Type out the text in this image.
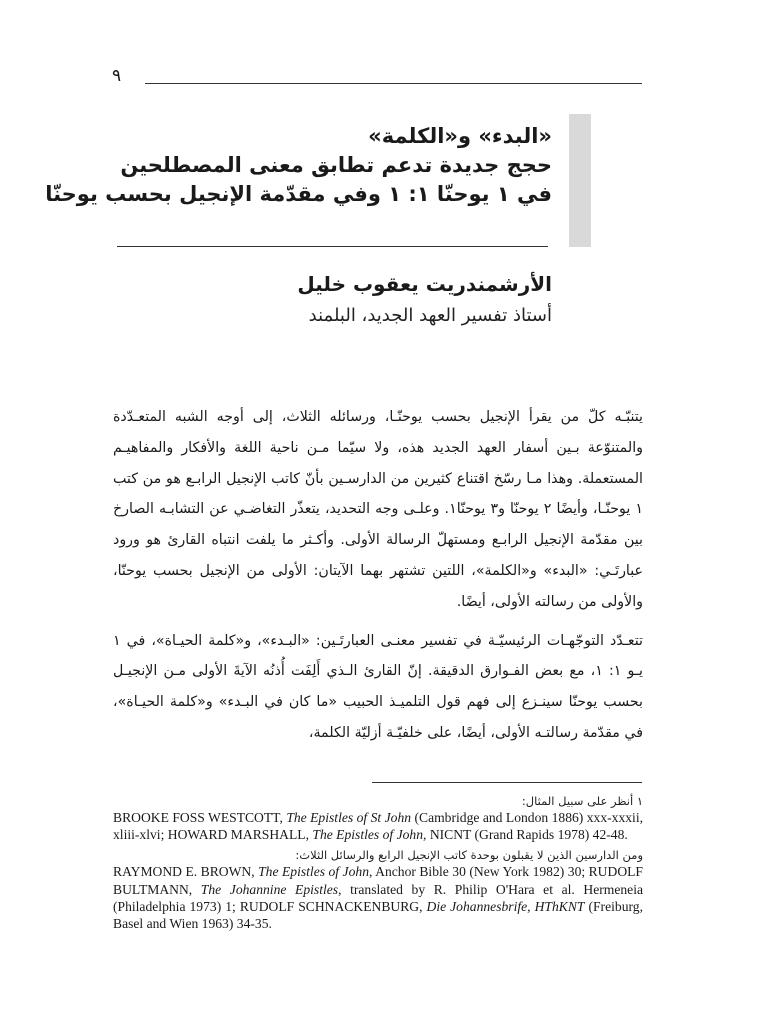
٩
«البدء» و«الكلمة»
حجج جديدة تدعم تطابق معنى المصطلحين
في ١ يوحنّا ١: ١ وفي مقدّمة الإنجيل بحسب يوحنّا
الأرشمندريت يعقوب خليل
أستاذ تفسير العهد الجديد، البلمند

يتنبّـه كلّ من يقرأ الإنجيل بحسب يوحنّـا، ورسائله الثلاث، إلى أوجه الشبه المتعـدّدة والمتنوّعة بـين أسفار العهد الجديد هذه، ولا سيّما مـن ناحية اللغة والأفكار والمفاهيـم المستعملة. وهذا مـا رسّخ اقتناع كثيرين من الدارسـين بأنّ كاتب الإنجيل الرابـع هو من كتب ١ يوحنّـا، وأيضًا ٢ يوحنّا و٣ يوحنّا١. وعلـى وجه التحديد، يتعذّر التغاضـي عن التشابـه الصارخ بين مقدّمة الإنجيل الرابـع ومستهلّ الرسالة الأولى. وأكـثر ما يلفت انتباه القارئ هو ورود عبارتَـي: «البدء» و«الكلمة»، اللتين تشتهر بهما الآيتان: الأولى من الإنجيل بحسب يوحنّا، والأولى من رسالته الأولى، أيضًا.

تتعـدّد التوجّهـات الرئيسيّـة في تفسير معنـى العبارتَـين: «البـدء»، و«كلمة الحيـاة»، في ١ يـو ١: ١، مع بعض الفـوارق الدقيقة. إنّ القارئ الـذي أَلِفَت أُذنُه الآيةَ الأولى مـن الإنجيـل بحسب يوحنّا سينـزع إلى فهم قول التلميـذ الحبيب «ما كان في البـدء» و«كلمة الحيـاة»، في مقدّمة رسالتـه الأولى، أيضًا، على خلفيّـة أزليّة الكلمة،

١ أنظر على سبيل المثال:

BROOKE FOSS WESTCOTT, The Epistles of St John (Cambridge and London 1886) xxx-xxxii, xliii-xlvi; HOWARD MARSHALL, The Epistles of John, NICNT (Grand Rapids 1978) 42-48.

ومن الدارسين الذين لا يقبلون بوحدة كاتب الإنجيل الرابع والرسائل الثلاث:

RAYMOND E. BROWN, The Epistles of John, Anchor Bible 30 (New York 1982) 30; RUDOLF BULTMANN, The Johannine Epistles, translated by R. Philip O'Hara et al. Hermeneia (Philadelphia 1973) 1; RUDOLF SCHNACKENBURG, Die Johannesbrife, HThKNT (Freiburg, Basel and Wien 1963) 34-35.
